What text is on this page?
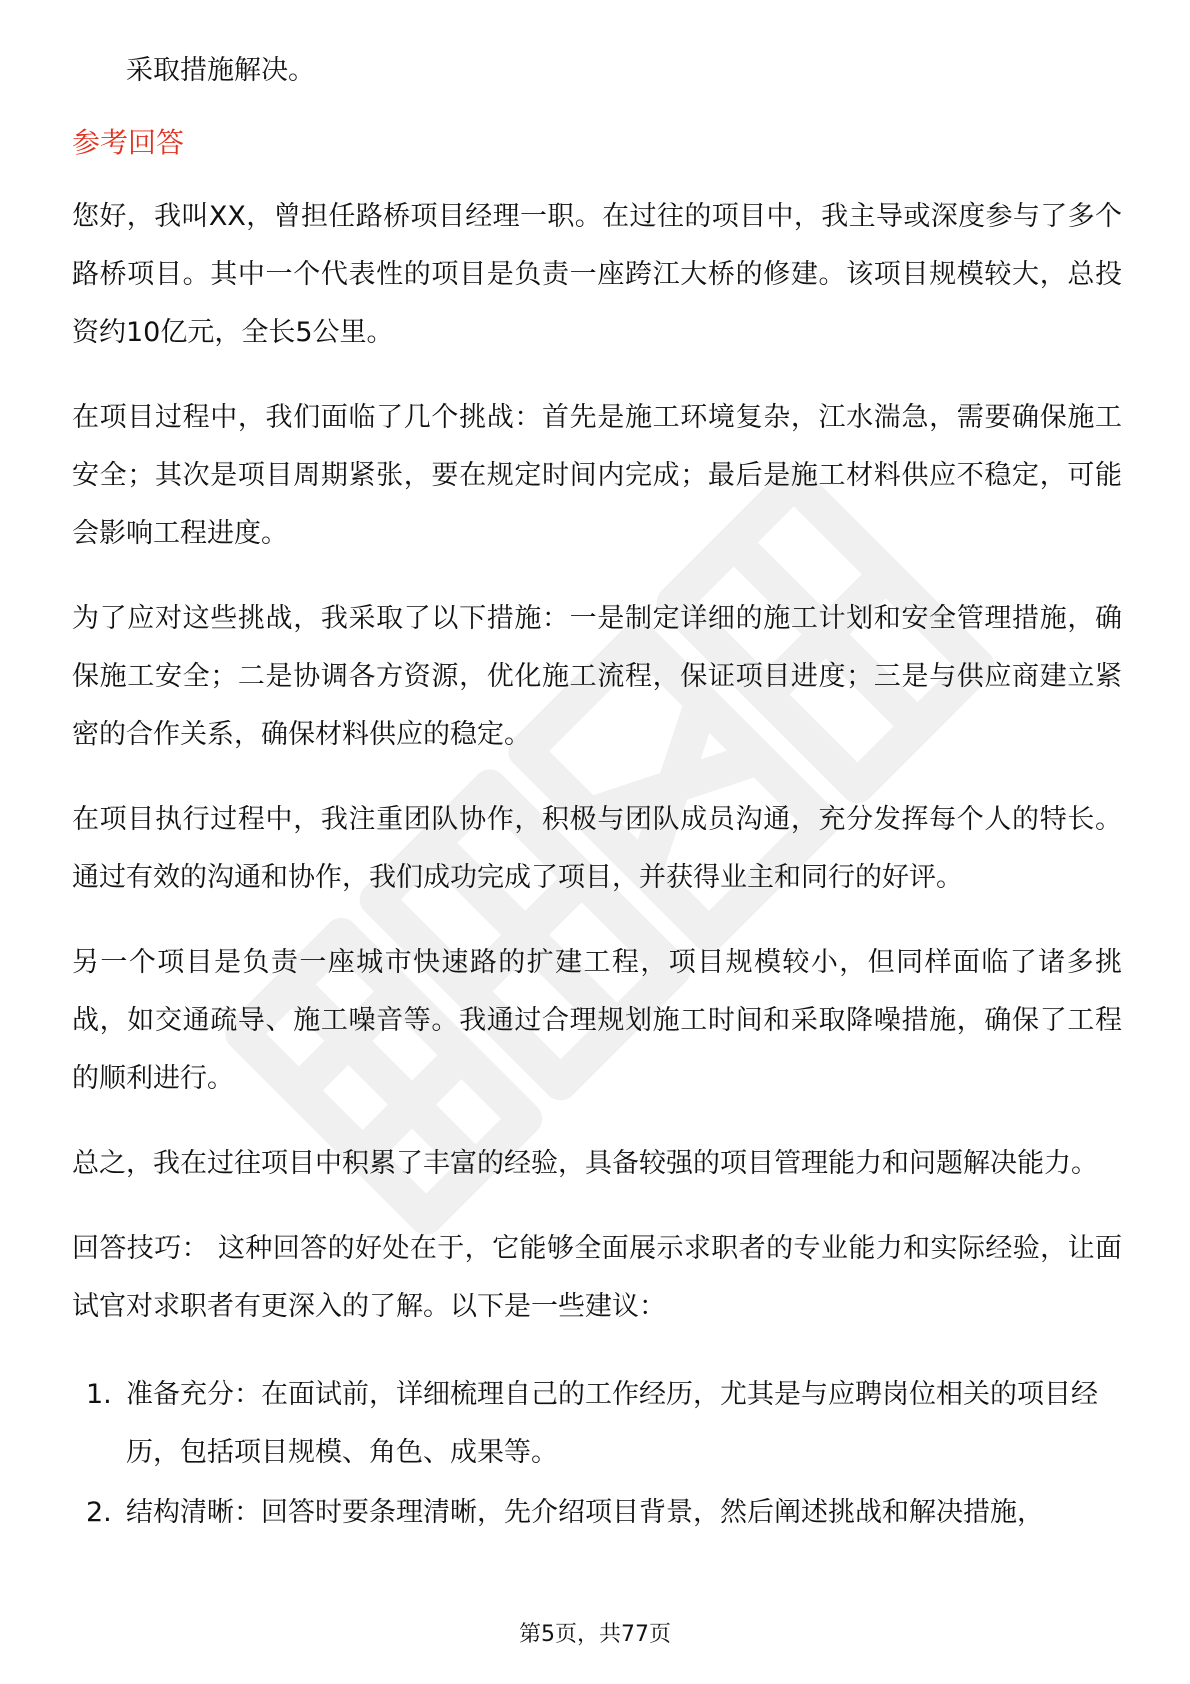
采取措施解决。

参考回答

您好，我叫XX，曾担任路桥项目经理一职。在过往的项目中，我主导或深度参与了多个路桥项目。其中一个代表性的项目是负责一座跨江大桥的修建。该项目规模较大，总投资约10亿元，全长5公里。

在项目过程中，我们面临了几个挑战：首先是施工环境复杂，江水湍急，需要确保施工安全；其次是项目周期紧张，要在规定时间内完成；最后是施工材料供应不稳定，可能会影响工程进度。

为了应对这些挑战，我采取了以下措施：一是制定详细的施工计划和安全管理措施，确保施工安全；二是协调各方资源，优化施工流程，保证项目进度；三是与供应商建立紧密的合作关系，确保材料供应的稳定。

在项目执行过程中，我注重团队协作，积极与团队成员沟通，充分发挥每个人的特长。通过有效的沟通和协作，我们成功完成了项目，并获得业主和同行的好评。

另一个项目是负责一座城市快速路的扩建工程，项目规模较小，但同样面临了诸多挑战，如交通疏导、施工噪音等。我通过合理规划施工时间和采取降噪措施，确保了工程的顺利进行。

总之，我在过往项目中积累了丰富的经验，具备较强的项目管理能力和问题解决能力。

回答技巧： 这种回答的好处在于，它能够全面展示求职者的专业能力和实际经验，让面试官对求职者有更深入的了解。以下是一些建议：

1. 准备充分：在面试前，详细梳理自己的工作经历，尤其是与应聘岗位相关的项目经历，包括项目规模、角色、成果等。
2. 结构清晰：回答时要条理清晰，先介绍项目背景，然后阐述挑战和解决措施，
第5页，共77页
